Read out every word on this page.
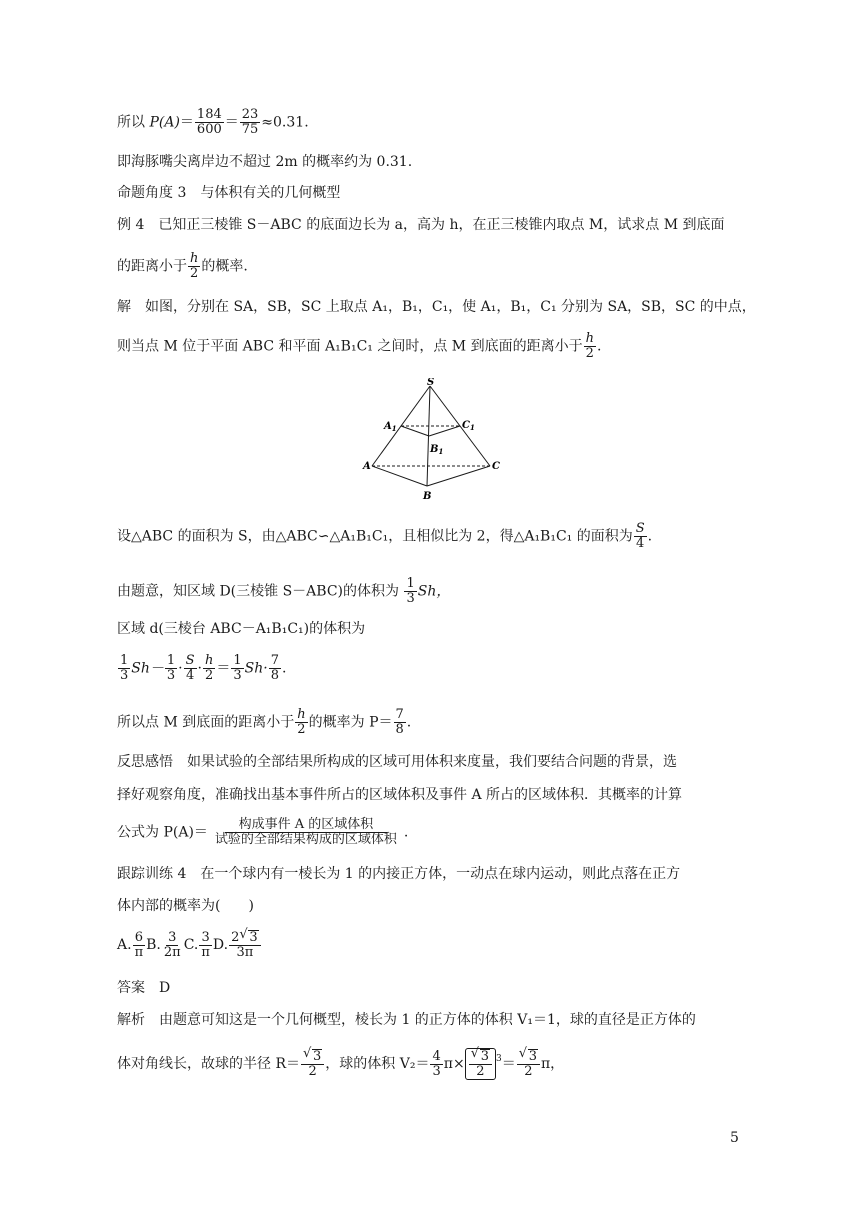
所以 $P(A)= \frac{184}{600} = \frac{23}{75} \approx 0.31$.
即海豚嘴尖离岸边不超过 2m 的概率约为 0.31.
命题角度 3　与体积有关的几何概型
例 4　已知正三棱锥 S－ABC 的底面边长为 a，高为 h，在正三棱锥内取点 M，试求点 M 到底面
的距离小于 $\frac{h}{2}$ 的概率.
解　如图，分别在 SA，SB，SC 上取点 A₁，B₁，C₁，使 A₁，B₁，C₁ 分别为 SA，SB，SC 的中点，
则当点 M 位于平面 ABC 和平面 A₁B₁C₁ 之间时，点 M 到底面的距离小于 $\frac{h}{2}$ .
S
$A_1$	$C_1$
$B_1$
A	C
B
设△ABC 的面积为 S，由△ABC∽△A₁B₁C₁，且相似比为 2，得△A₁B₁C₁ 的面积为 $\frac{S}{4}$ .
由题意，知区域 D(三棱锥 S－ABC)的体积为 $\frac{1}{3}$ Sh，
区域 d(三棱台 ABC－A₁B₁C₁)的体积为
$\frac{1}{3} Sh- \frac{1}{3} \cdot \frac{S}{4} \cdot \frac{h}{2} = \frac{1}{3} Sh\cdot \frac{7}{8}$ .
所以点 M 到底面的距离小于 $\frac{h}{2}$ 的概率为 $P= \frac{7}{8}$ .
反思感悟　如果试验的全部结果所构成的区域可用体积来度量，我们要结合问题的背景，选
择好观察角度，准确找出基本事件所占的区域体积及事件 A 所占的区域体积．其概率的计算
公式为 $P(A)= \frac{\text{构成事件 A 的区域体积}}{\text{试验的全部结果构成的区域体积}}$ .
跟踪训练 4　在一个球内有一棱长为 1 的内接正方体，一动点在球内运动，则此点落在正方
体内部的概率为(　　)
A. $\frac{6}{\pi} B$. $\frac{3}{2\pi} C$. $\frac{3}{\pi} D$. $\frac{2 √ 3}{3\pi}$
答案　D
解析　由题意可知这是一个几何概型，棱长为 1 的正方体的体积 V₁＝1，球的直径是正方体的
体对角线长，故球的半径 R＝ √ $\frac{3}{2}$ ，球的体积 $V_2= \frac{4}{3} \pi\times$ √ $\frac{3}{2} ^3=$ √ $\frac{3}{2}$ π，
5
